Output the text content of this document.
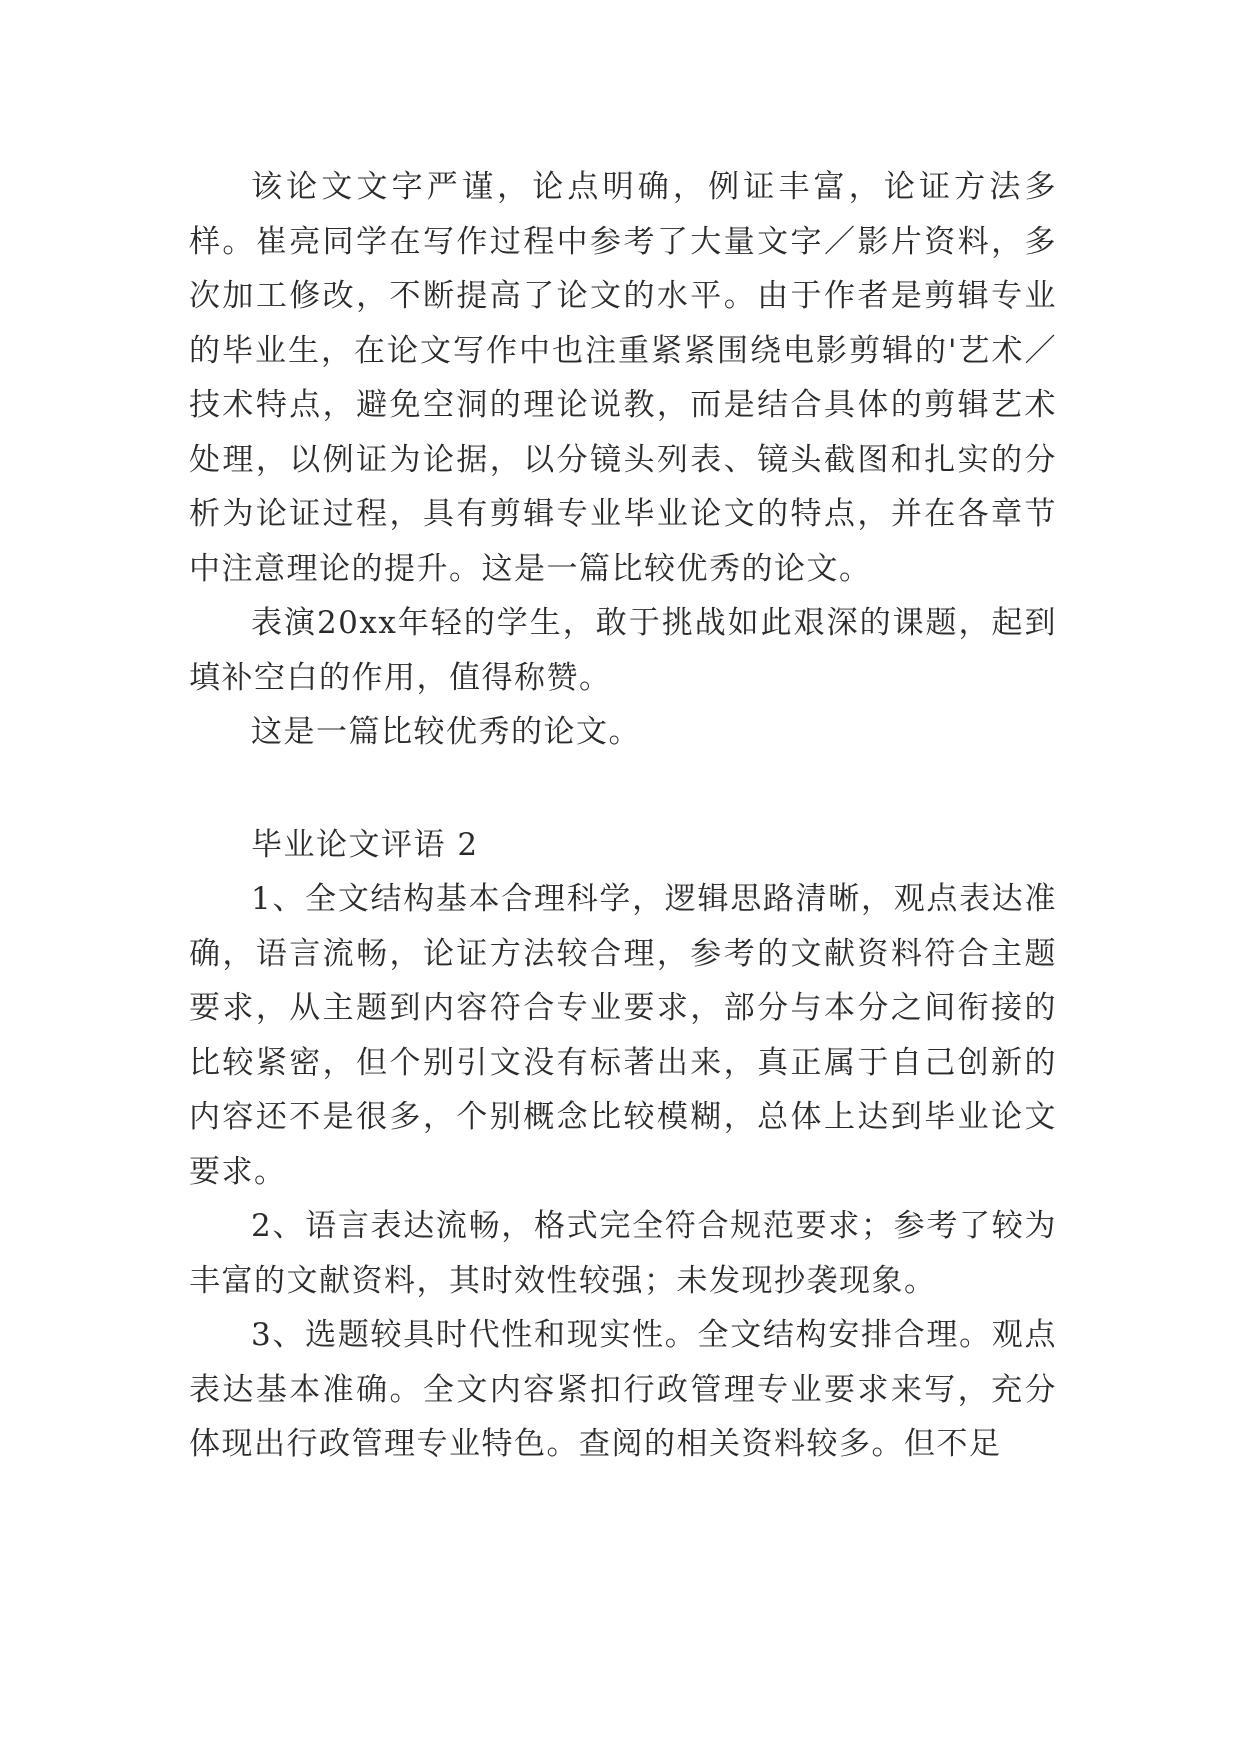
该论文文字严谨，论点明确，例证丰富，论证方法多样。崔亮同学在写作过程中参考了大量文字／影片资料，多次加工修改，不断提高了论文的水平。由于作者是剪辑专业的毕业生，在论文写作中也注重紧紧围绕电影剪辑的'艺术／技术特点，避免空洞的理论说教，而是结合具体的剪辑艺术处理，以例证为论据，以分镜头列表、镜头截图和扎实的分析为论证过程，具有剪辑专业毕业论文的特点，并在各章节中注意理论的提升。这是一篇比较优秀的论文。

表演20xx年轻的学生，敢于挑战如此艰深的课题，起到填补空白的作用，值得称赞。

这是一篇比较优秀的论文。

毕业论文评语 2

1、全文结构基本合理科学，逻辑思路清晰，观点表达准确，语言流畅，论证方法较合理，参考的文献资料符合主题要求，从主题到内容符合专业要求，部分与本分之间衔接的比较紧密，但个别引文没有标著出来，真正属于自己创新的内容还不是很多，个别概念比较模糊，总体上达到毕业论文要求。

2、语言表达流畅，格式完全符合规范要求；参考了较为丰富的文献资料，其时效性较强；未发现抄袭现象。

3、选题较具时代性和现实性。全文结构安排合理。观点表达基本准确。全文内容紧扣行政管理专业要求来写，充分体现出行政管理专业特色。查阅的相关资料较多。但不足
